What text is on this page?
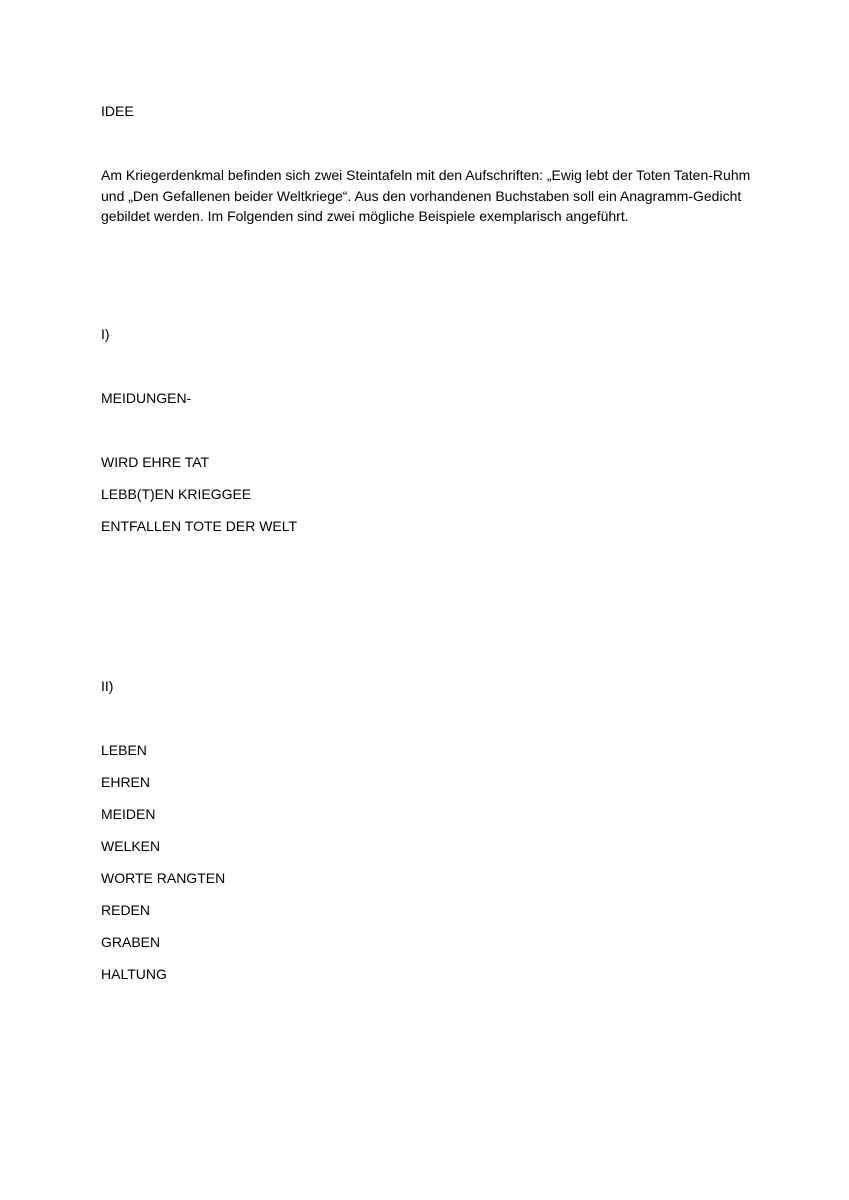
IDEE

Am Kriegerdenkmal befinden sich zwei Steintafeln mit den Aufschriften: „Ewig lebt der Toten Taten-Ruhm und „Den Gefallenen beider Weltkriege“. Aus den vorhandenen Buchstaben soll ein Anagramm-Gedicht gebildet werden. Im Folgenden sind zwei mögliche Beispiele exemplarisch angeführt.

I)

MEIDUNGEN-

WIRD EHRE TAT

LEBB(T)EN KRIEGGEE

ENTFALLEN TOTE DER WELT

II)

LEBEN

EHREN

MEIDEN

WELKEN

WORTE RANGTEN

REDEN

GRABEN

HALTUNG
